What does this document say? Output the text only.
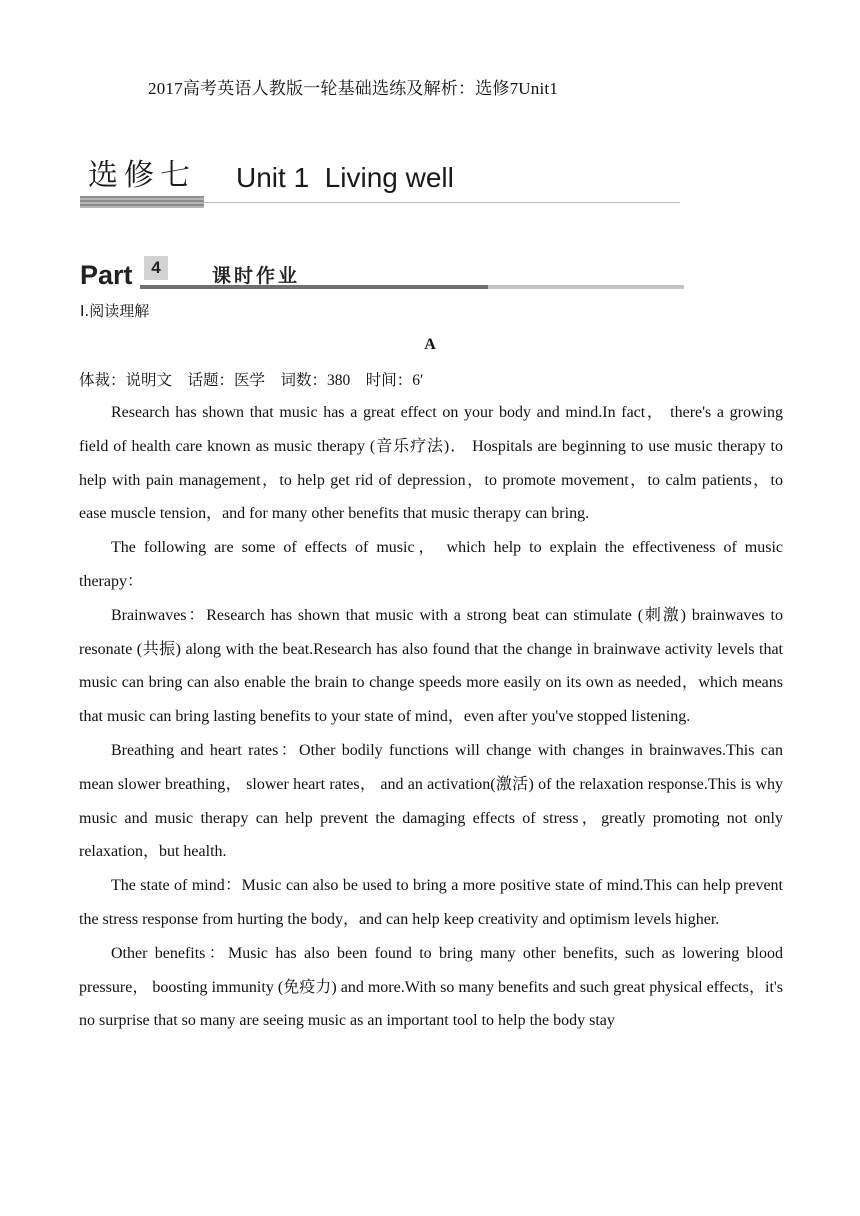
2017高考英语人教版一轮基础选练及解析：选修7Unit1
选修七 Unit 1  Living well
Part	4	课时作业
Ⅰ.阅读理解
A
体裁：说明文　话题：医学　词数：380　时间：6′

Research has shown that music has a great effect on your body and mind.In fact， there's a growing field of health care known as music therapy (音乐疗法)． Hospitals are beginning to use music therapy to help with pain management，to help get rid of depression，to promote movement，to calm patients，to ease muscle tension，and for many other benefits that music therapy can bring.

The following are some of effects of music， which help to explain the effectiveness of music therapy：

Brainwaves：Research has shown that music with a strong beat can stimulate (刺激) brainwaves to resonate (共振) along with the beat.Research has also found that the change in brainwave activity levels that music can bring can also enable the brain to change speeds more easily on its own as needed，which means that music can bring lasting benefits to your state of mind，even after you've stopped listening.

Breathing and heart rates：Other bodily functions will change with changes in brainwaves.This can mean slower breathing， slower heart rates， and an activation(激活) of the relaxation response.This is why music and music therapy can help prevent the damaging effects of stress，greatly promoting not only relaxation，but health.

The state of mind：Music can also be used to bring a more positive state of mind.This can help prevent the stress response from hurting the body，and can help keep creativity and optimism levels higher.

Other benefits：Music has also been found to bring many other benefits, such as lowering blood pressure， boosting immunity (免疫力) and more.With so many benefits and such great physical effects，it's no surprise that so many are seeing music as an important tool to help the body stay
